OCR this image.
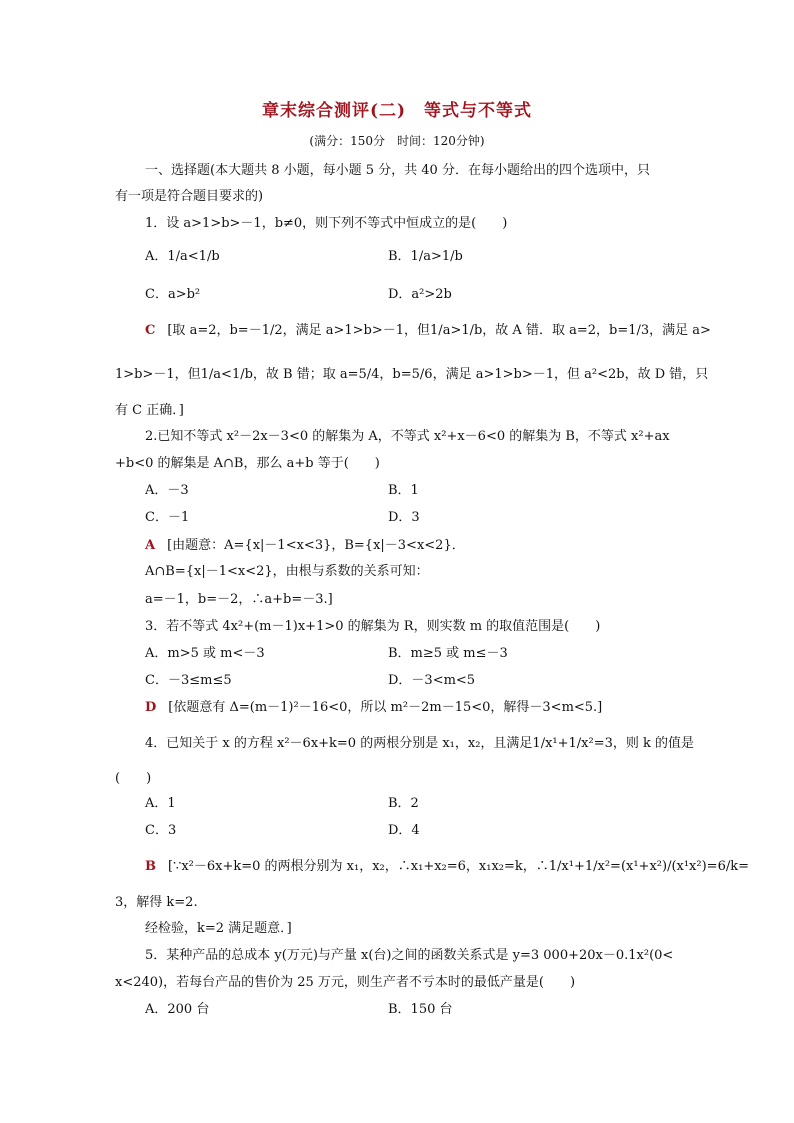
章末综合测评(二) 等式与不等式
(满分：150分　时间：120分钟)
一、选择题(本大题共 8 小题，每小题 5 分，共 40 分．在每小题给出的四个选项中，只
有一项是符合题目要求的)
1．设 a>1>b>－1，b≠0，则下列不等式中恒成立的是(　　)
A．1/a<1/b	B．1/a>1/b
C．a>b²	D．a²>2b
C [取 a=2，b=－1/2，满足 a>1>b>－1，但1/a>1/b，故 A 错．取 a=2，b=1/3，满足 a>
1>b>－1，但1/a<1/b，故 B 错；取 a=5/4，b=5/6，满足 a>1>b>－1，但 a²<2b，故 D 错，只
有 C 正确．]
2.已知不等式 x²－2x－3<0 的解集为 A，不等式 x²+x－6<0 的解集为 B，不等式 x²+ax
+b<0 的解集是 A∩B，那么 a+b 等于(　　)
A．－3	B．1
C．－1	D．3
A [由题意：A={x|－1<x<3}，B={x|－3<x<2}．
A∩B={x|－1<x<2}，由根与系数的关系可知：
a=－1，b=－2，∴a+b=－3.]
3．若不等式 4x²+(m－1)x+1>0 的解集为 R，则实数 m 的取值范围是(　　)
A．m>5 或 m<－3	B．m≥5 或 m≤－3
C．－3≤m≤5	D．－3<m<5
D [依题意有 Δ=(m－1)²－16<0，所以 m²－2m－15<0，解得－3<m<5.]
4．已知关于 x 的方程 x²－6x+k=0 的两根分别是 x₁，x₂，且满足1/x¹+1/x²=3，则 k 的值是
(　　)
A．1	B．2
C．3	D．4
B [∵x²－6x+k=0 的两根分别为 x₁，x₂，∴x₁+x₂=6，x₁x₂=k，∴1/x¹+1/x²=(x¹+x²)/(x¹x²)=6/k=
3，解得 k=2.
经检验，k=2 满足题意．]
5．某种产品的总成本 y(万元)与产量 x(台)之间的函数关系式是 y=3 000+20x－0.1x²(0<
x<240)，若每台产品的售价为 25 万元，则生产者不亏本时的最低产量是(　　)
A．200 台	B．150 台
